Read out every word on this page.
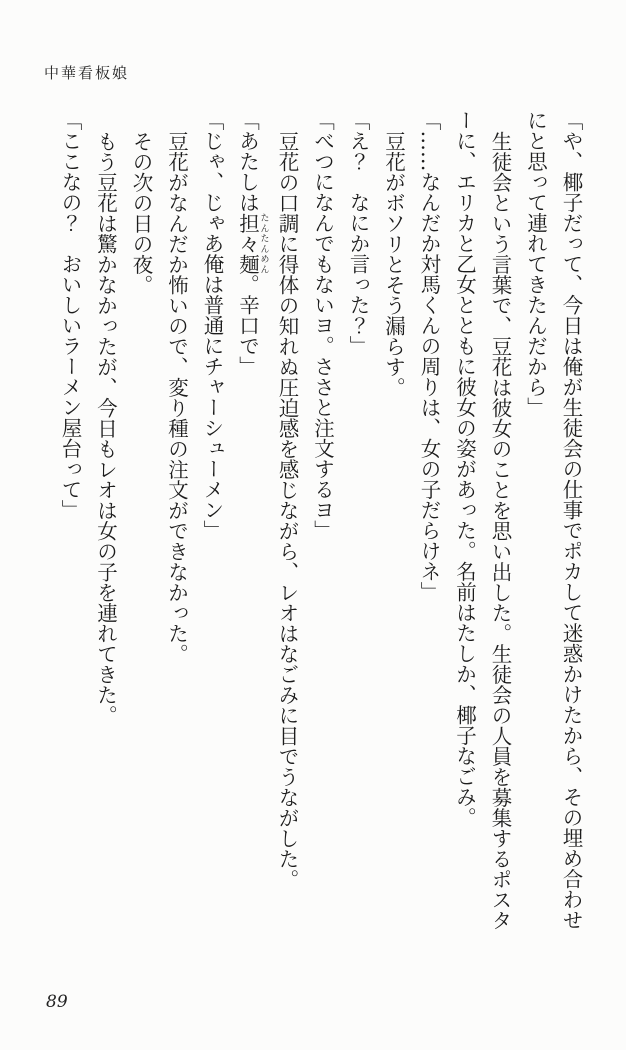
中華看板娘

「や、椰子だって、今日は俺が生徒会の仕事でポカして迷惑かけたから、その埋め合わせにと思って連れてきたんだから」

生徒会という言葉で、豆花は彼女のことを思い出した。生徒会の人員を募集するポスターに、エリカと乙女とともに彼女の姿があった。名前はたしか、椰子なごみ。

「……なんだか対馬くんの周りは、女の子だらけネ」

豆花がボソリとそう漏らす。

「え？　なにか言った？」

「べつになんでもないヨ。ささと注文するヨ」

豆花の口調に得体の知れぬ圧迫感を感じながら、レオはなごみに目でうながした。

「あたしは担々麺 たんたんめん。辛口で」

「じゃ、じゃあ俺は普通にチャーシューメン」

豆花がなんだか怖いので、変り種の注文ができなかった。

その次の日の夜。

もう豆花は驚かなかったが、今日もレオは女の子を連れてきた。

「ここなの？　おいしいラーメン屋台って」

89
